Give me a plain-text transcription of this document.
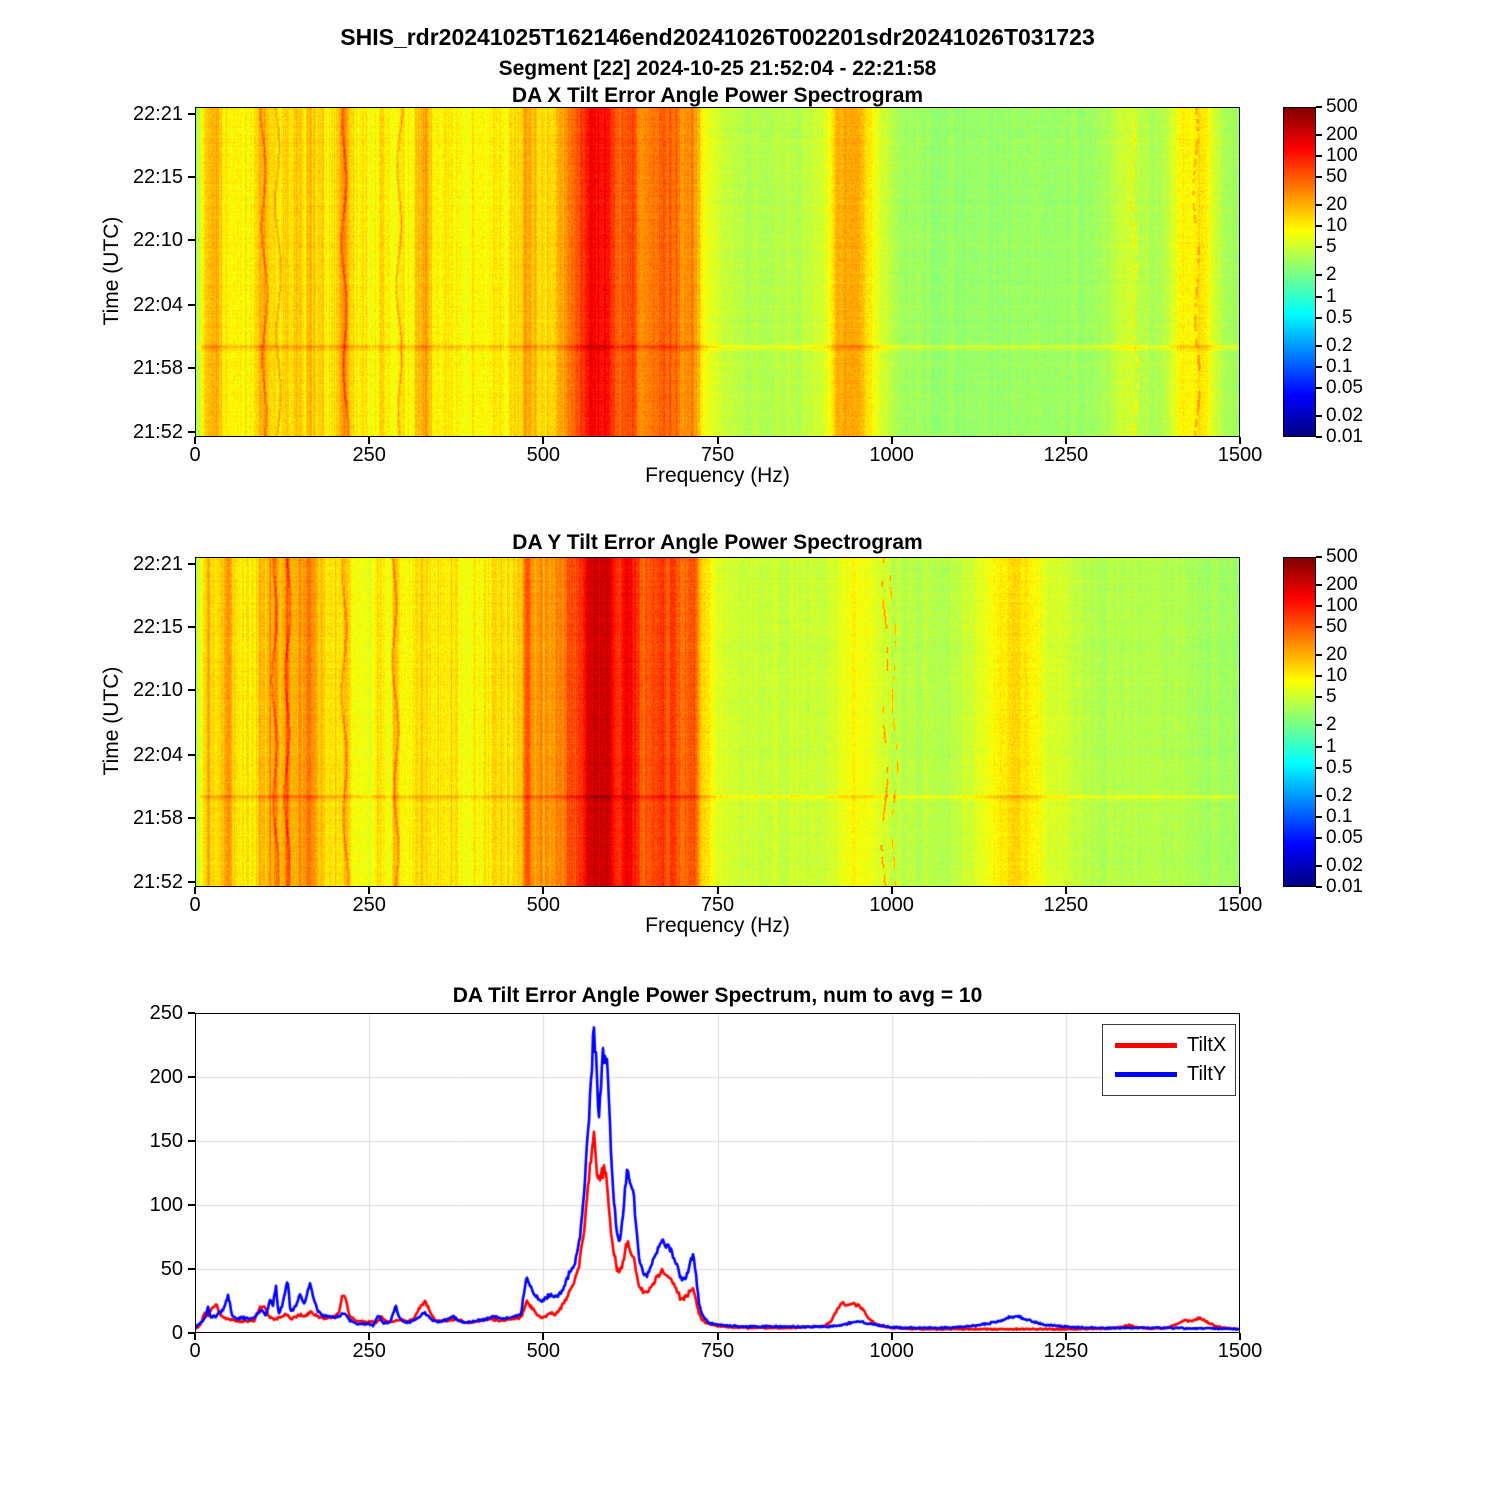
SHIS_rdr20241025T162146end20241026T002201sdr20241026T031723
Segment [22] 2024-10-25 21:52:04 - 22:21:58
DA X Tilt Error Angle Power Spectrogram
Time (UTC)
Frequency (Hz)
DA Y Tilt Error Angle Power Spectrogram
Time (UTC)
Frequency (Hz)
DA Tilt Error Angle Power Spectrum, num to avg = 10
TiltX
TiltY
0	250	500	750	1000	1250	1500
22:21
22:15
22:10
22:04
21:58
21:52
0	250	500	750	1000	1250	1500
22:21
22:15
22:10
22:04
21:58
21:52
0	250	500	750	1000	1250	1500
0
50
100
150
200
250
500
200
100
50
20
10
5
2
1
0.5
0.2
0.1
0.05
0.02
0.01
500
200
100
50
20
10
5
2
1
0.5
0.2
0.1
0.05
0.02
0.01
